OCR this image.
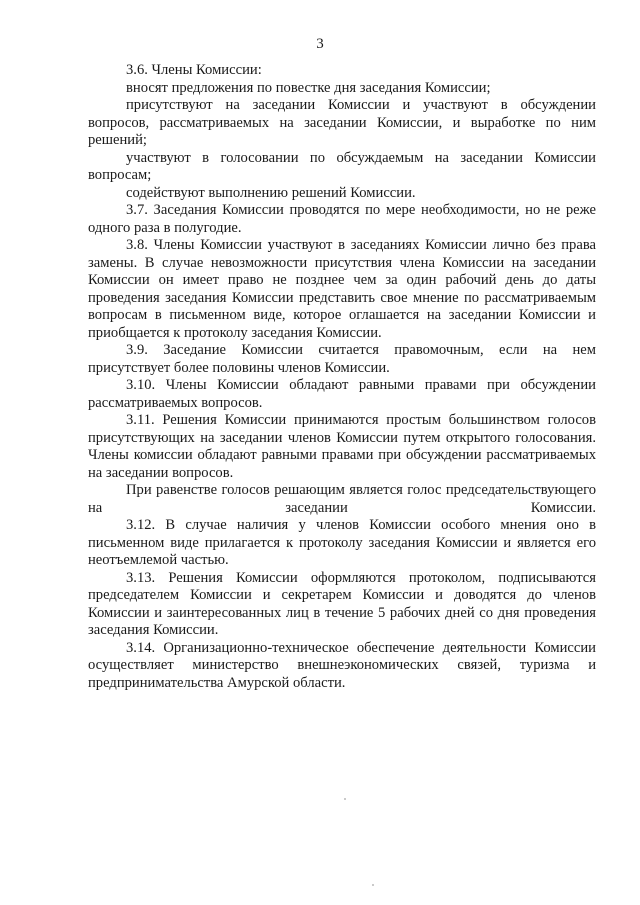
3

3.6. Члены Комиссии:

вносят предложения по повестке дня заседания Комиссии;

присутствуют на заседании Комиссии и участвуют в обсуждении вопросов, рассматриваемых на заседании Комиссии, и выработке по ним решений;

участвуют в голосовании по обсуждаемым на заседании Комиссии вопросам;

содействуют выполнению решений Комиссии.

3.7. Заседания Комиссии проводятся по мере необходимости, но не реже одного раза в полугодие.

3.8. Члены Комиссии участвуют в заседаниях Комиссии лично без права замены. В случае невозможности присутствия члена Комиссии на заседании Комиссии он имеет право не позднее чем за один рабочий день до даты проведения заседания Комиссии представить свое мнение по рассматриваемым вопросам в письменном виде, которое оглашается на заседании Комиссии и приобщается к протоколу заседания Комиссии.

3.9. Заседание Комиссии считается правомочным, если на нем присутствует более половины членов Комиссии.

3.10. Члены Комиссии обладают равными правами при обсуждении рассматриваемых вопросов.

3.11. Решения Комиссии принимаются простым большинством голосов присутствующих на заседании членов Комиссии путем открытого голосования. Члены комиссии обладают равными правами при обсуждении рассматриваемых на заседании вопросов.

При равенстве голосов решающим является голос председательствующего на заседании Комиссии.

3.12. В случае наличия у членов Комиссии особого мнения оно в письменном виде прилагается к протоколу заседания Комиссии и является его неотъемлемой частью.

3.13. Решения Комиссии оформляются протоколом, подписываются председателем Комиссии и секретарем Комиссии и доводятся до членов Комиссии и заинтересованных лиц в течение 5 рабочих дней со дня проведения заседания Комиссии.

3.14. Организационно-техническое обеспечение деятельности Комиссии осуществляет министерство внешнеэкономических связей, туризма и предпринимательства Амурской области.
